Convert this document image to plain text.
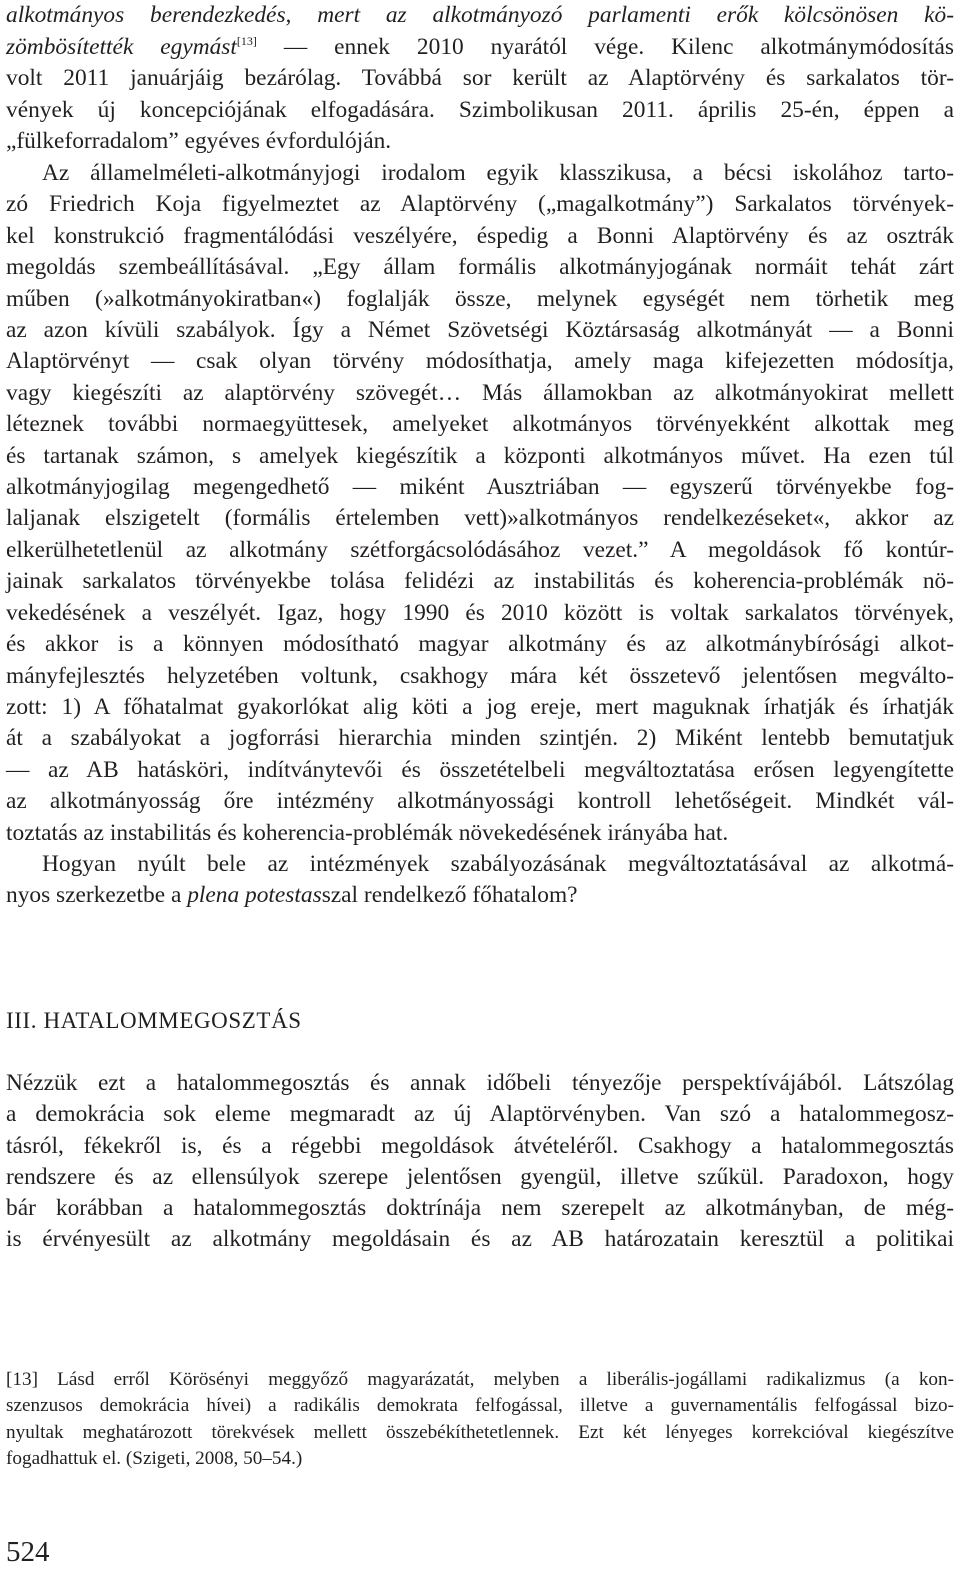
alkotmányos berendezkedés, mert az alkotmányozó parlamenti erők kölcsönösen kö-
zömbösítették egymást[13] — ennek 2010 nyarától vége. Kilenc alkotmánymódosítás
volt 2011 januárjáig bezárólag. Továbbá sor került az Alaptörvény és sarkalatos tör-
vények új koncepciójának elfogadására. Szimbolikusan 2011. április 25-én, éppen a
„fülkeforradalom” egyéves évfordulóján.
Az államelméleti-alkotmányjogi irodalom egyik klasszikusa, a bécsi iskolához tarto-
zó Friedrich Koja figyelmeztet az Alaptörvény („magalkotmány”) Sarkalatos törvények-
kel konstrukció fragmentálódási veszélyére, éspedig a Bonni Alaptörvény és az osztrák
megoldás szembeállításával. „Egy állam formális alkotmányjogának normáit tehát zárt
műben (»alkotmányokiratban«) foglalják össze, melynek egységét nem törhetik meg
az azon kívüli szabályok. Így a Német Szövetségi Köztársaság alkotmányát — a Bonni
Alaptörvényt — csak olyan törvény módosíthatja, amely maga kifejezetten módosítja,
vagy kiegészíti az alaptörvény szövegét… Más államokban az alkotmányokirat mellett
léteznek további normaegyüttesek, amelyeket alkotmányos törvényekként alkottak meg
és tartanak számon, s amelyek kiegészítik a központi alkotmányos művet. Ha ezen túl
alkotmányjogilag megengedhető — miként Ausztriában — egyszerű törvényekbe fog-
laljanak elszigetelt (formális értelemben vett)»alkotmányos rendelkezéseket«, akkor az
elkerülhetetlenül az alkotmány szétforgácsolódásához vezet.” A megoldások fő kontúr-
jainak sarkalatos törvényekbe tolása felidézi az instabilitás és koherencia-problémák nö-
vekedésének a veszélyét. Igaz, hogy 1990 és 2010 között is voltak sarkalatos törvények,
és akkor is a könnyen módosítható magyar alkotmány és az alkotmánybírósági alkot-
mányfejlesztés helyzetében voltunk, csakhogy mára két összetevő jelentősen megválto-
zott: 1) A főhatalmat gyakorlókat alig köti a jog ereje, mert maguknak írhatják és írhatják
át a szabályokat a jogforrási hierarchia minden szintjén. 2) Miként lentebb bemutatjuk
— az AB hatásköri, indítványtevői és összetételbeli megváltoztatása erősen legyengítette
az alkotmányosság őre intézmény alkotmányossági kontroll lehetőségeit. Mindkét vál-
toztatás az instabilitás és koherencia-problémák növekedésének irányába hat.
Hogyan nyúlt bele az intézmények szabályozásának megváltoztatásával az alkotmá-
nyos szerkezetbe a plena potestasszal rendelkező főhatalom?
III. HATALOMMEGOSZTÁS
Nézzük ezt a hatalommegosztás és annak időbeli tényezője perspektívájából. Látszólag
a demokrácia sok eleme megmaradt az új Alaptörvényben. Van szó a hatalommegosz-
tásról, fékekről is, és a régebbi megoldások átvételéről. Csakhogy a hatalommegosztás
rendszere és az ellensúlyok szerepe jelentősen gyengül, illetve szűkül. Paradoxon, hogy
bár korábban a hatalommegosztás doktrínája nem szerepelt az alkotmányban, de még-
is érvényesült az alkotmány megoldásain és az AB határozatain keresztül a politikai
[13] Lásd erről Körösényi meggyőző magyarázatát, melyben a liberális-jogállami radikalizmus (a kon-
szenzusos demokrácia hívei) a radikális demokrata felfogással, illetve a guvernamentális felfogással bizo-
nyultak meghatározott törekvések mellett összebékíthetetlennek. Ezt két lényeges korrekcióval kiegészítve
fogadhattuk el. (Szigeti, 2008, 50–54.)
524
